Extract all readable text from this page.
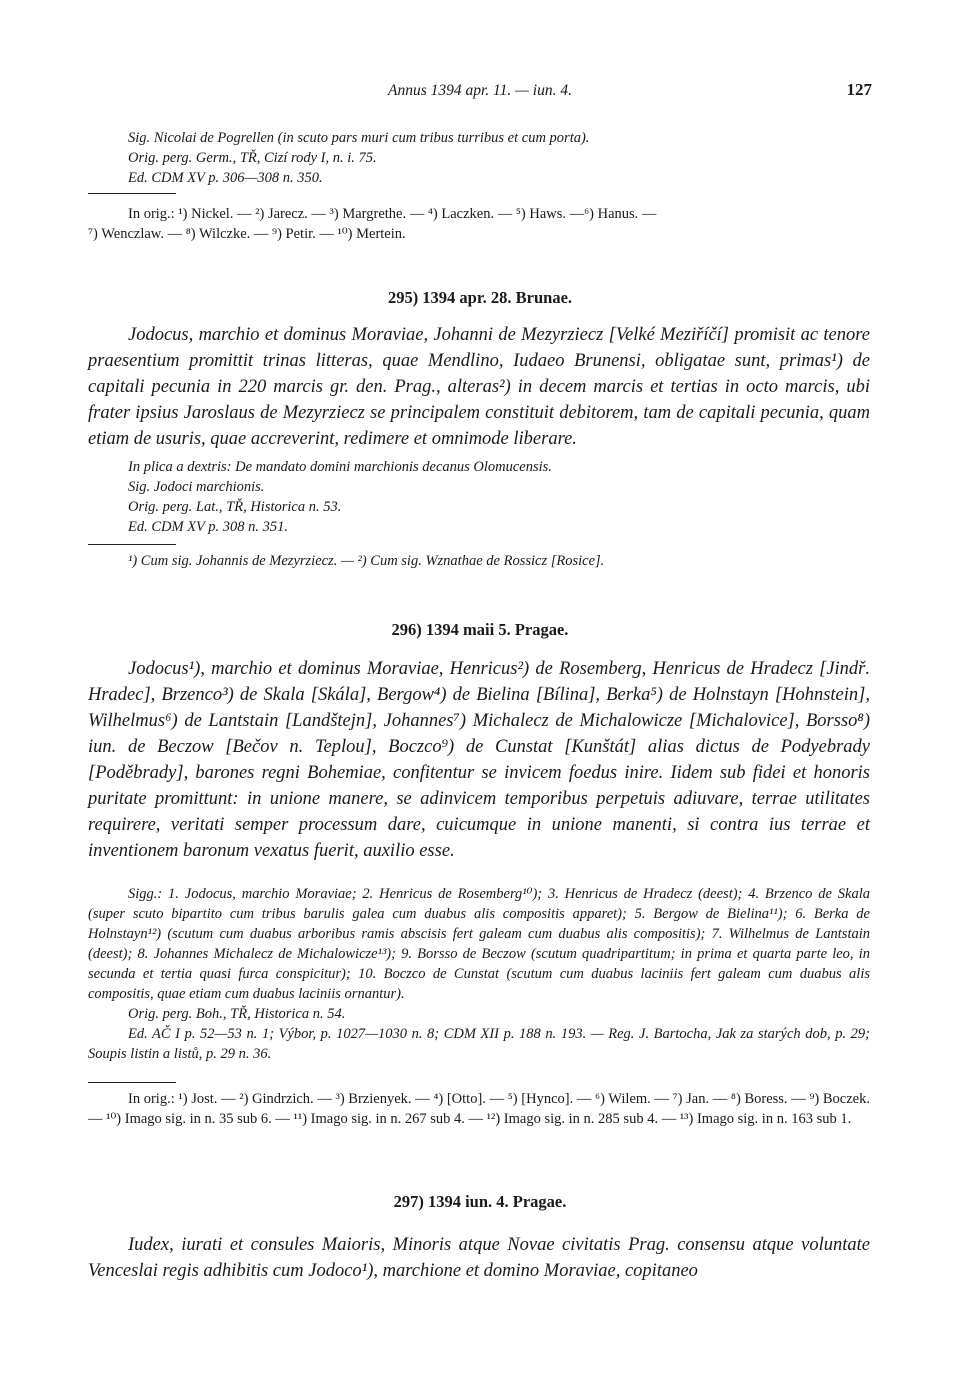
Annus 1394 apr. 11. — iun. 4.	127
Sig. Nicolai de Pogrellen (in scuto pars muri cum tribus turribus et cum porta).
Orig. perg. Germ., TŘ, Cizí rody I, n. i. 75.
Ed. CDM XV p. 306—308 n. 350.
In orig.: ¹) Nickel. — ²) Jarecz. — ³) Margrethe. — ⁴) Laczken. — ⁵) Haws. —⁶) Hanus. —
⁷) Wenczlaw. — ⁸) Wilczke. — ⁹) Petir. — ¹⁰) Mertein.
295) 1394 apr. 28. Brunae.
Jodocus, marchio et dominus Moraviae, Johanni de Mezyrziecz [Velké Meziříčí] promisit ac tenore praesentium promittit trinas litteras, quae Mendlino, Iudaeo Brunensi, obligatae sunt, primas¹) de capitali pecunia in 220 marcis gr. den. Prag., alteras²) in decem marcis et tertias in octo marcis, ubi frater ipsius Jaroslaus de Mezyrziecz se principalem constituit debitorem, tam de capitali pecunia, quam etiam de usuris, quae accreverint, redimere et omnimode liberare.
In plica a dextris: De mandato domini marchionis decanus Olomucensis.
Sig. Jodoci marchionis.
Orig. perg. Lat., TŘ, Historica n. 53.
Ed. CDM XV p. 308 n. 351.
¹) Cum sig. Johannis de Mezyrziecz. — ²) Cum sig. Wznathae de Rossicz [Rosice].
296) 1394 maii 5. Pragae.
Jodocus¹), marchio et dominus Moraviae, Henricus²) de Rosemberg, Henricus de Hradecz [Jindř. Hradec], Brzenco³) de Skala [Skála], Bergow⁴) de Bielina [Bílina], Berka⁵) de Holnstayn [Hohnstein], Wilhelmus⁶) de Lantstain [Landštejn], Johannes⁷) Michalecz de Michalowicze [Michalovice], Borsso⁸) iun. de Beczow [Bečov n. Teplou], Boczco⁹) de Cunstat [Kunštát] alias dictus de Podyebrady [Poděbrady], barones regni Bohemiae, confitentur se invicem foedus inire. Iidem sub fidei et honoris puritate promittunt: in unione manere, se adinvicem temporibus perpetuis adiuvare, terrae utilitates requirere, veritati semper processum dare, cuicumque in unione manenti, si contra ius terrae et inventionem baronum vexatus fuerit, auxilio esse.
Sigg.: 1. Jodocus, marchio Moraviae; 2. Henricus de Rosemberg¹⁰); 3. Henricus de Hradecz (deest); 4. Brzenco de Skala (super scuto bipartito cum tribus barulis galea cum duabus alis compositis apparet); 5. Bergow de Bielina¹¹); 6. Berka de Holnstayn¹²) (scutum cum duabus arboribus ramis abscisis fert galeam cum duabus alis compositis); 7. Wilhelmus de Lantstain (deest); 8. Johannes Michalecz de Michalowicze¹³); 9. Borsso de Beczow (scutum quadripartitum; in prima et quarta parte leo, in secunda et tertia quasi furca conspicitur); 10. Boczco de Cunstat (scutum cum duabus laciniis fert galeam cum duabus alis compositis, quae etiam cum duabus laciniis ornantur).
Orig. perg. Boh., TŘ, Historica n. 54.
Ed. AČ I p. 52—53 n. 1; Výbor, p. 1027—1030 n. 8; CDM XII p. 188 n. 193. — Reg. J. Bartocha, Jak za starých dob, p. 29; Soupis listin a listů, p. 29 n. 36.
In orig.: ¹) Jost. — ²) Gindrzich. — ³) Brzienyek. — ⁴) [Otto]. — ⁵) [Hynco]. — ⁶) Wilem. — ⁷) Jan. — ⁸) Boress. — ⁹) Boczek. — ¹⁰) Imago sig. in n. 35 sub 6. — ¹¹) Imago sig. in n. 267 sub 4. — ¹²) Imago sig. in n. 285 sub 4. — ¹³) Imago sig. in n. 163 sub 1.
297) 1394 iun. 4. Pragae.
Iudex, iurati et consules Maioris, Minoris atque Novae civitatis Prag. consensu atque voluntate Venceslai regis adhibitis cum Jodoco¹), marchione et domino Moraviae, copitaneo
